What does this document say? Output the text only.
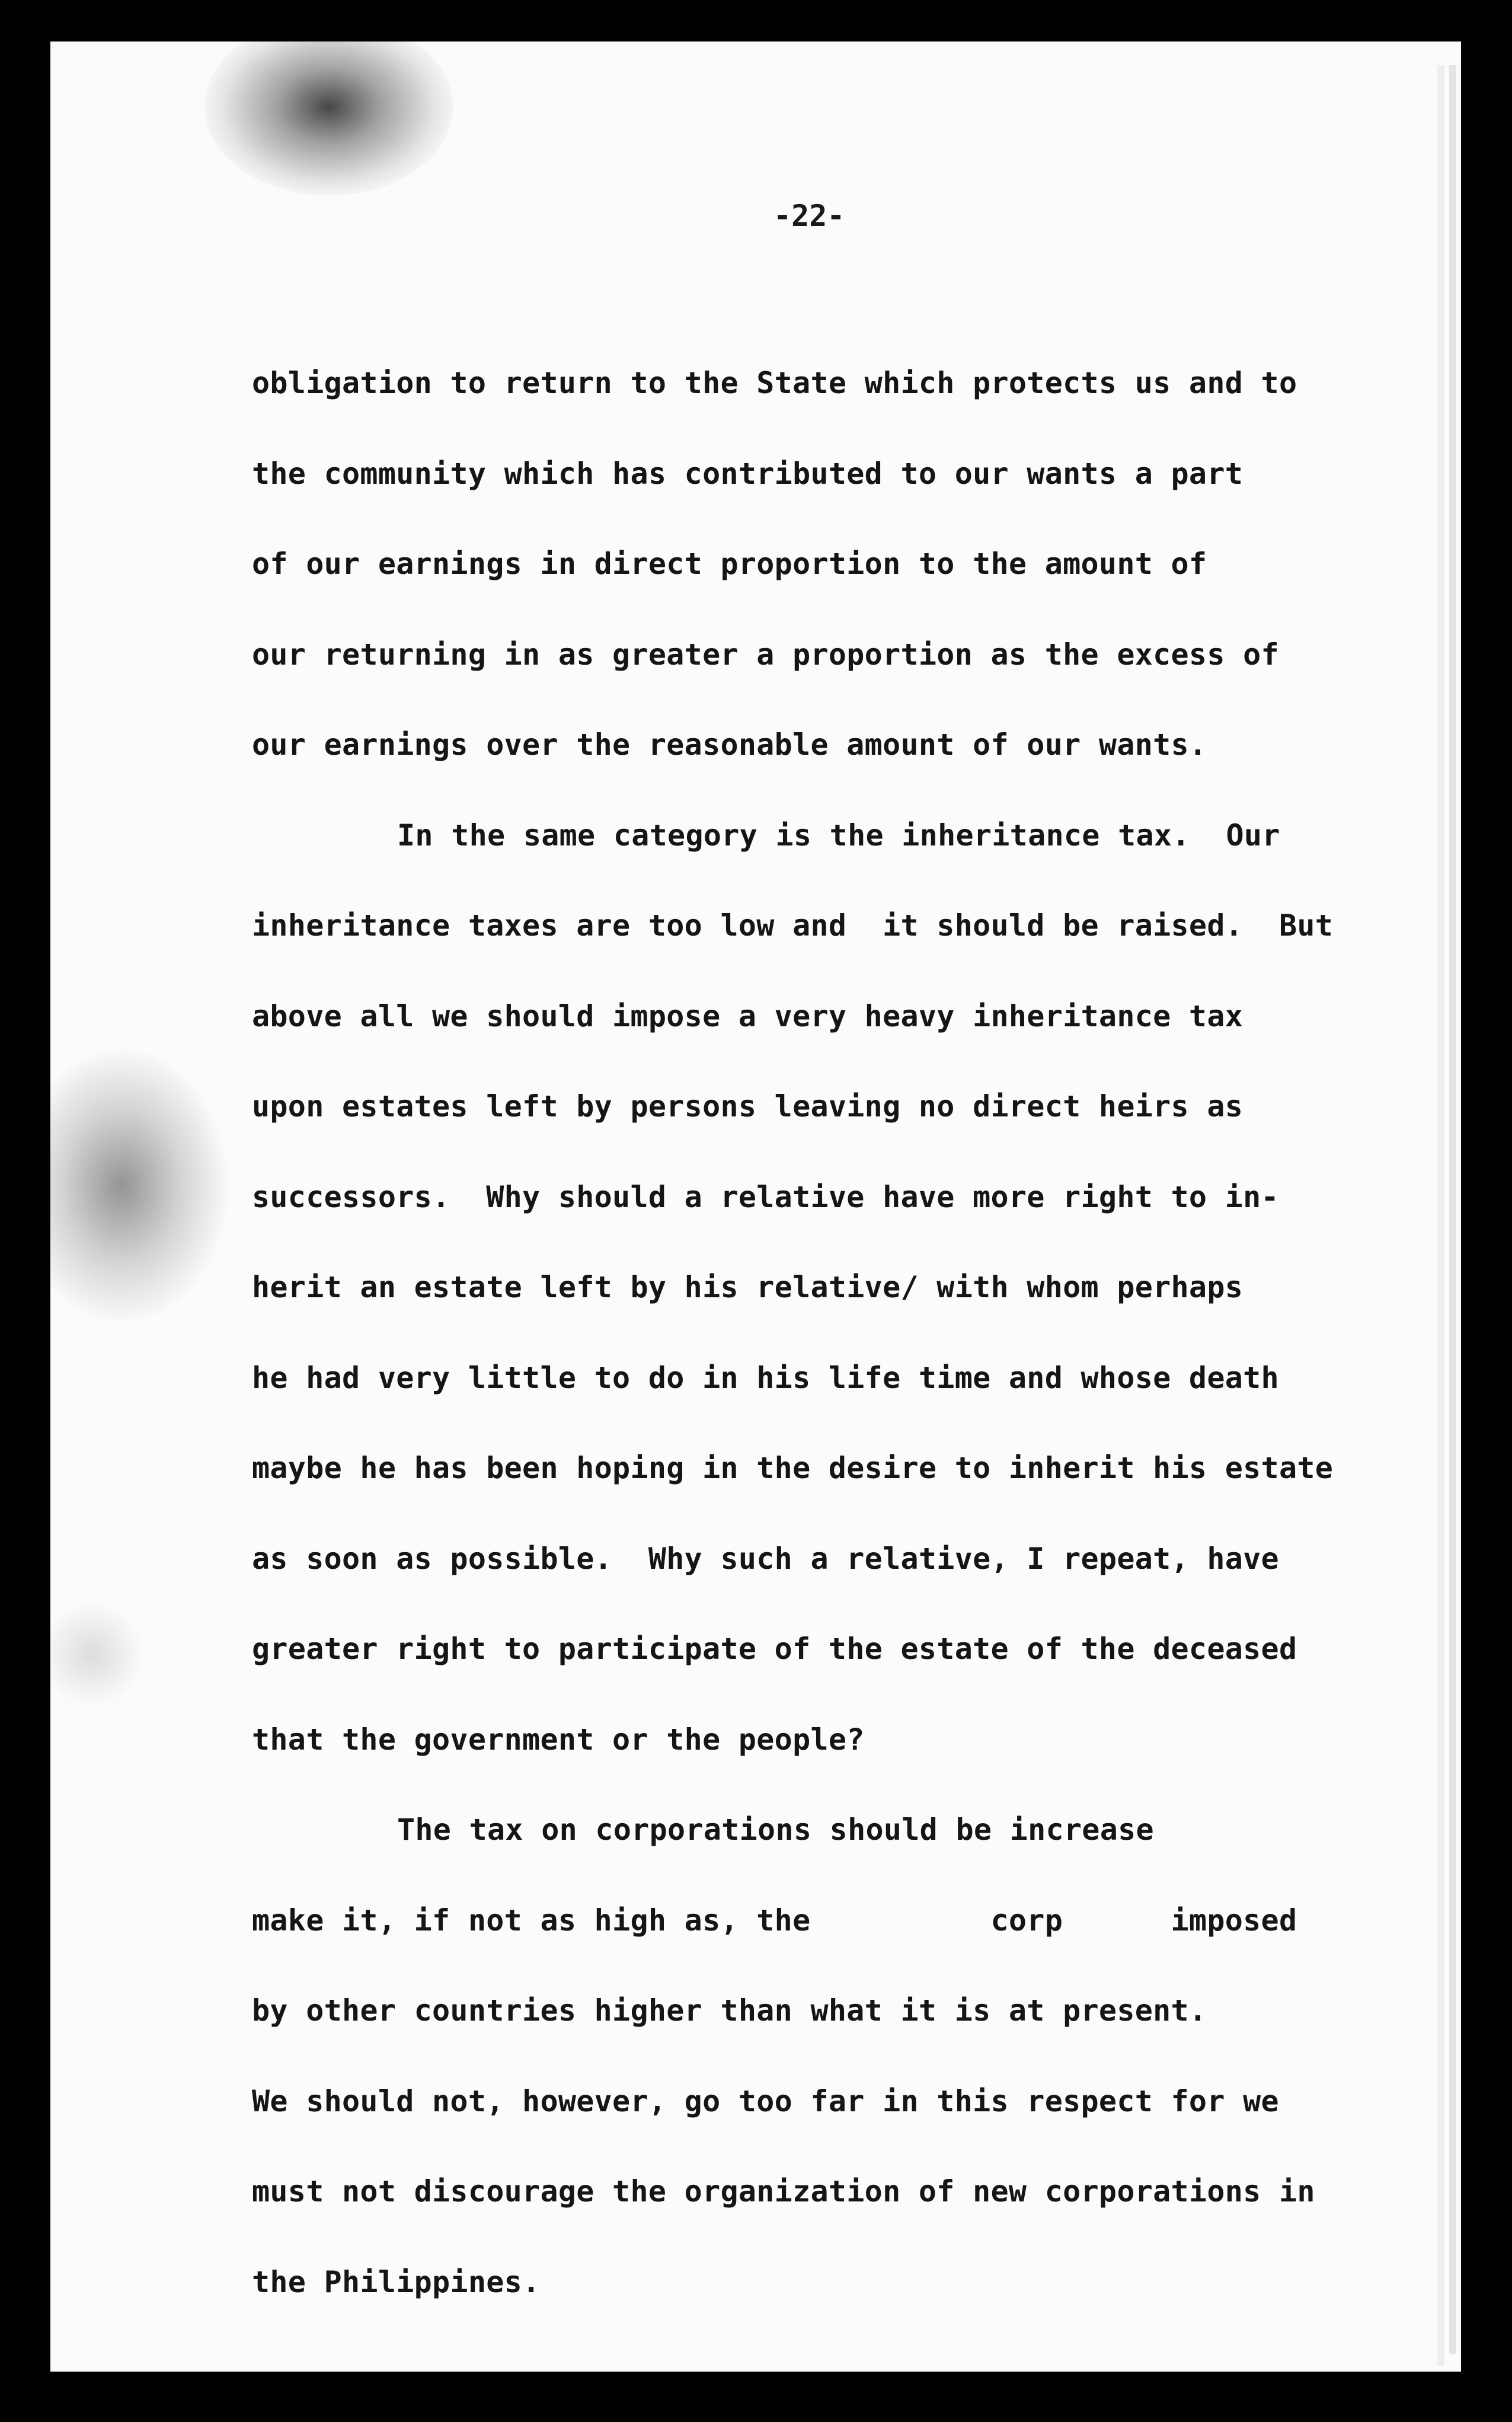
-22-
obligation to return to the State which protects us and to
the community which has contributed to our wants a part
of our earnings in direct proportion to the amount of
our returning in as greater a proportion as the excess of
our earnings over the reasonable amount of our wants.
In the same category is the inheritance tax.  Our
inheritance taxes are too low and  it should be raised.  But
above all we should impose a very heavy inheritance tax
upon estates left by persons leaving no direct heirs as
successors.  Why should a relative have more right to in-
herit an estate left by his relative/ with whom perhaps
he had very little to do in his life time and whose death
maybe he has been hoping in the desire to inherit his estate
as soon as possible.  Why such a relative, I repeat, have
greater right to participate of the estate of the deceased
that the government or the people?
The tax on corporations should be increase
make it, if not as high as, the          corp      imposed
by other countries higher than what it is at present.
We should not, however, go too far in this respect for we
must not discourage the organization of new corporations in
the Philippines.
